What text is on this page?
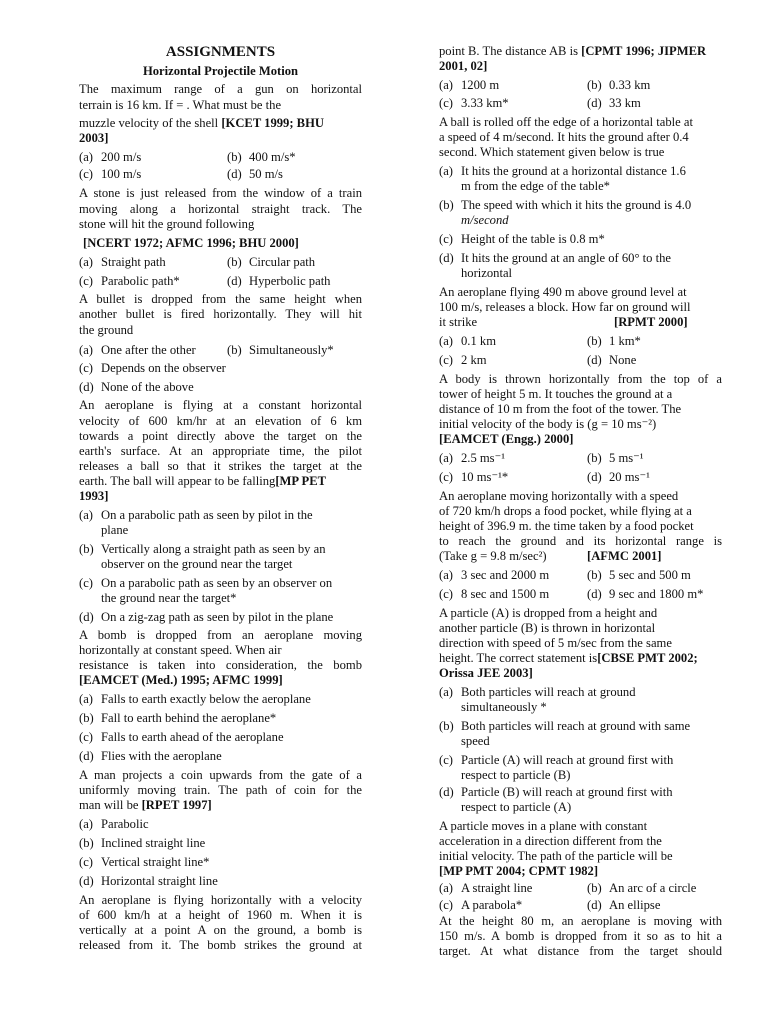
ASSIGNMENTS
Horizontal Projectile Motion
The maximum range of a gun on horizontal
terrain is 16 km. If = . What must be the
muzzle velocity of the shell [KCET 1999; BHU
2003]
(a) 200 m/s	(b) 400 m/s*
(c) 100 m/s	(d) 50 m/s
A stone is just released from the window of a train
moving along a horizontal straight track. The
stone will hit the ground following
[NCERT 1972; AFMC 1996; BHU 2000]
(a) Straight path	(b) Circular path
(c) Parabolic path*	(d) Hyperbolic path
A bullet is dropped from the same height when
another bullet is fired horizontally. They will hit
the ground
(a) One after the other (b) Simultaneously*
(c) Depends on the observer
(d) None of the above
An aeroplane is flying at a constant horizontal
velocity of 600 km/hr at an elevation of 6 km
towards a point directly above the target on the
earth's surface. At an appropriate time, the pilot
releases a ball so that it strikes the target at the
earth. The ball will appear to be falling[MP PET
1993]
(a) On a parabolic path as seen by pilot in the
plane
(b) Vertically along a straight path as seen by an
observer on the ground near the target
(c) On a parabolic path as seen by an observer on
the ground near the target*
(d) On a zig-zag path as seen by pilot in the plane
A bomb is dropped from an aeroplane moving
horizontally at constant speed. When air
resistance is taken into consideration, the bomb
[EAMCET (Med.) 1995; AFMC 1999]
(a) Falls to earth exactly below the aeroplane
(b) Fall to earth behind the aeroplane*
(c) Falls to earth ahead of the aeroplane
(d) Flies with the aeroplane
A man projects a coin upwards from the gate of a
uniformly moving train. The path of coin for the
man will be [RPET 1997]
(a) Parabolic
(b) Inclined straight line
(c) Vertical straight line*
(d) Horizontal straight line
An aeroplane is flying horizontally with a velocity
of 600 km/h at a height of 1960 m. When it is
vertically at a point A on the ground, a bomb is
released from it. The bomb strikes the ground at
point B. The distance AB is [CPMT 1996; JIPMER
2001, 02]
(a) 1200 m	(b) 0.33 km
(c) 3.33 km*	(d) 33 km
A ball is rolled off the edge of a horizontal table at
a speed of 4 m/second. It hits the ground after 0.4
second. Which statement given below is true
(a) It hits the ground at a horizontal distance 1.6
m from the edge of the table*
(b) The speed with which it hits the ground is 4.0
m/second
(c) Height of the table is 0.8 m*
(d) It hits the ground at an angle of 60° to the
horizontal
An aeroplane flying 490 m above ground level at
100 m/s, releases a block. How far on ground will
it strike	[RPMT 2000]
(a) 0.1 km	(b) 1 km*
(c) 2 km	(d) None
A body is thrown horizontally from the top of a
tower of height 5 m. It touches the ground at a
distance of 10 m from the foot of the tower. The
initial velocity of the body is (g = 10 ms⁻²)
[EAMCET (Engg.) 2000]
(a) 2.5 ms⁻¹	(b) 5 ms⁻¹
(c) 10 ms⁻¹*	(d) 20 ms⁻¹
An aeroplane moving horizontally with a speed
of 720 km/h drops a food pocket, while flying at a
height of 396.9 m. the time taken by a food pocket
to reach the ground and its horizontal range is
(Take g = 9.8 m/sec²)	[AFMC 2001]
(a) 3 sec and 2000 m	(b) 5 sec and 500 m
(c) 8 sec and 1500 m	(d) 9 sec and 1800 m*
A particle (A) is dropped from a height and
another particle (B) is thrown in horizontal
direction with speed of 5 m/sec from the same
height. The correct statement is[CBSE PMT 2002;
Orissa JEE 2003]
(a) Both particles will reach at ground
simultaneously *
(b) Both particles will reach at ground with same
speed
(c) Particle (A) will reach at ground first with
respect to particle (B)
(d) Particle (B) will reach at ground first with
respect to particle (A)
A particle moves in a plane with constant
acceleration in a direction different from the
initial velocity. The path of the particle will be
[MP PMT 2004; CPMT 1982]
(a) A straight line	(b) An arc of a circle
(c) A parabola*	(d) An ellipse
At the height 80 m, an aeroplane is moving with
150 m/s. A bomb is dropped from it so as to hit a
target. At what distance from the target should
